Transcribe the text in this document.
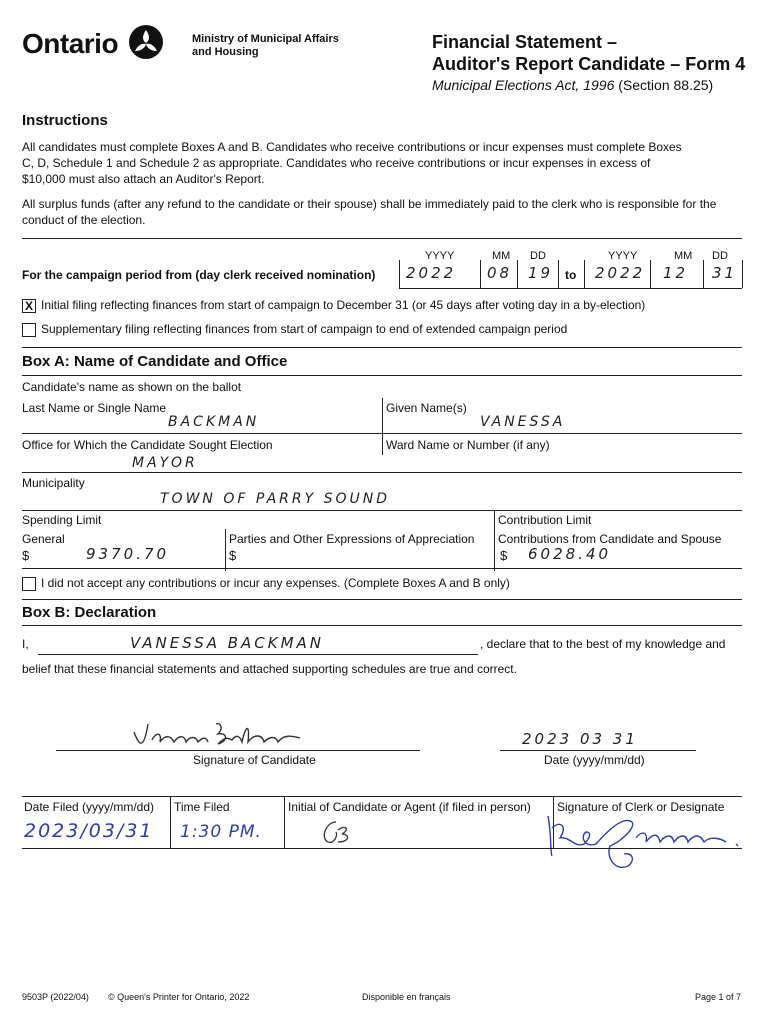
Ontario	Ministry of Municipal Affairs and Housing	Financial Statement –
Auditor's Report Candidate – Form 4
Municipal Elections Act, 1996 (Section 88.25)
Instructions
All candidates must complete Boxes A and B. Candidates who receive contributions or incur expenses must complete Boxes C, D, Schedule 1 and Schedule 2 as appropriate. Candidates who receive contributions or incur expenses in excess of $10,000 must also attach an Auditor's Report.
All surplus funds (after any refund to the candidate or their spouse) shall be immediately paid to the clerk who is responsible for the conduct of the election.
YYYY	MM DD	YYYY	MM DD
For the campaign period from (day clerk received nomination) 2022 08 19 to 2022 12 31
X Initial filing reflecting finances from start of campaign to December 31 (or 45 days after voting day in a by-election)
Supplementary filing reflecting finances from start of campaign to end of extended campaign period
Box A: Name of Candidate and Office
Candidate's name as shown on the ballot
Last Name or Single Name
BACKMAN
Given Name(s)
VANESSA
Office for Which the Candidate Sought Election
MAYOR
Ward Name or Number (if any)
Municipality
TOWN OF PARRY SOUND
Spending Limit
General
$	9370.70
Parties and Other Expressions of Appreciation
$
Contribution Limit
Contributions from Candidate and Spouse
$ 6028.40
I did not accept any contributions or incur any expenses. (Complete Boxes A and B only)
Box B: Declaration
I,	VANESSA BACKMAN	, declare that to the best of my knowledge and
belief that these financial statements and attached supporting schedules are true and correct.
Signature of Candidate
2023 03 31
Date (yyyy/mm/dd)
Date Filed (yyyy/mm/dd)
2023/03/31
Time Filed
1:30 PM.
Initial of Candidate or Agent (if filed in person) Signature of Clerk or Designate
9503P (2022/04) © Queen's Printer for Ontario, 2022	Disponible en français	Page 1 of 7
